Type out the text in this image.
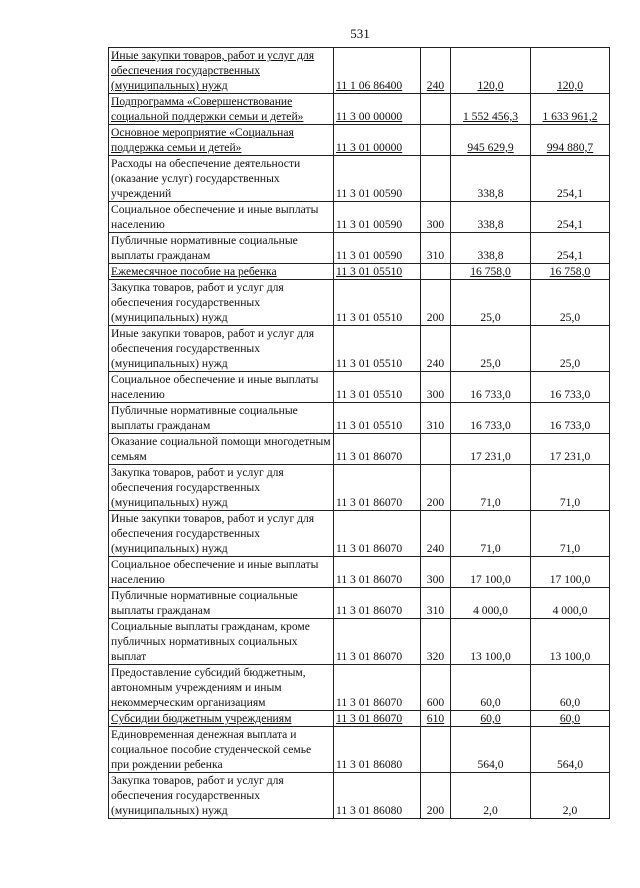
531
Иные закупки товаров, работ и услуг для обеспечения государственных (муниципальных) нужд	11 1 06 86400	240	120,0	120,0
Подпрограмма «Совершенствование социальной поддержки семьи и детей»	11 3 00 00000		1 552 456,3	1 633 961,2
Основное мероприятие «Социальная поддержка семьи и детей»	11 3 01 00000		945 629,9	994 880,7
Расходы на обеспечение деятельности (оказание услуг) государственных учреждений	11 3 01 00590		338,8	254,1
Социальное обеспечение и иные выплаты населению	11 3 01 00590	300	338,8	254,1
Публичные нормативные социальные выплаты гражданам	11 3 01 00590	310	338,8	254,1
Ежемесячное пособие на ребенка	11 3 01 05510		16 758,0	16 758,0
Закупка товаров, работ и услуг для обеспечения государственных (муниципальных) нужд	11 3 01 05510	200	25,0	25,0
Иные закупки товаров, работ и услуг для обеспечения государственных (муниципальных) нужд	11 3 01 05510	240	25,0	25,0
Социальное обеспечение и иные выплаты населению	11 3 01 05510	300	16 733,0	16 733,0
Публичные нормативные социальные выплаты гражданам	11 3 01 05510	310	16 733,0	16 733,0
Оказание социальной помощи многодетным семьям	11 3 01 86070		17 231,0	17 231,0
Закупка товаров, работ и услуг для обеспечения государственных (муниципальных) нужд	11 3 01 86070	200	71,0	71,0
Иные закупки товаров, работ и услуг для обеспечения государственных (муниципальных) нужд	11 3 01 86070	240	71,0	71,0
Социальное обеспечение и иные выплаты населению	11 3 01 86070	300	17 100,0	17 100,0
Публичные нормативные социальные выплаты гражданам	11 3 01 86070	310	4 000,0	4 000,0
Социальные выплаты гражданам, кроме публичных нормативных социальных выплат	11 3 01 86070	320	13 100,0	13 100,0
Предоставление субсидий бюджетным, автономным учреждениям и иным некоммерческим организациям	11 3 01 86070	600	60,0	60,0
Субсидии бюджетным учреждениям	11 3 01 86070	610	60,0	60,0
Единовременная денежная выплата и социальное пособие студенческой семье при рождении ребенка	11 3 01 86080		564,0	564,0
Закупка товаров, работ и услуг для обеспечения государственных (муниципальных) нужд	11 3 01 86080	200	2,0	2,0
